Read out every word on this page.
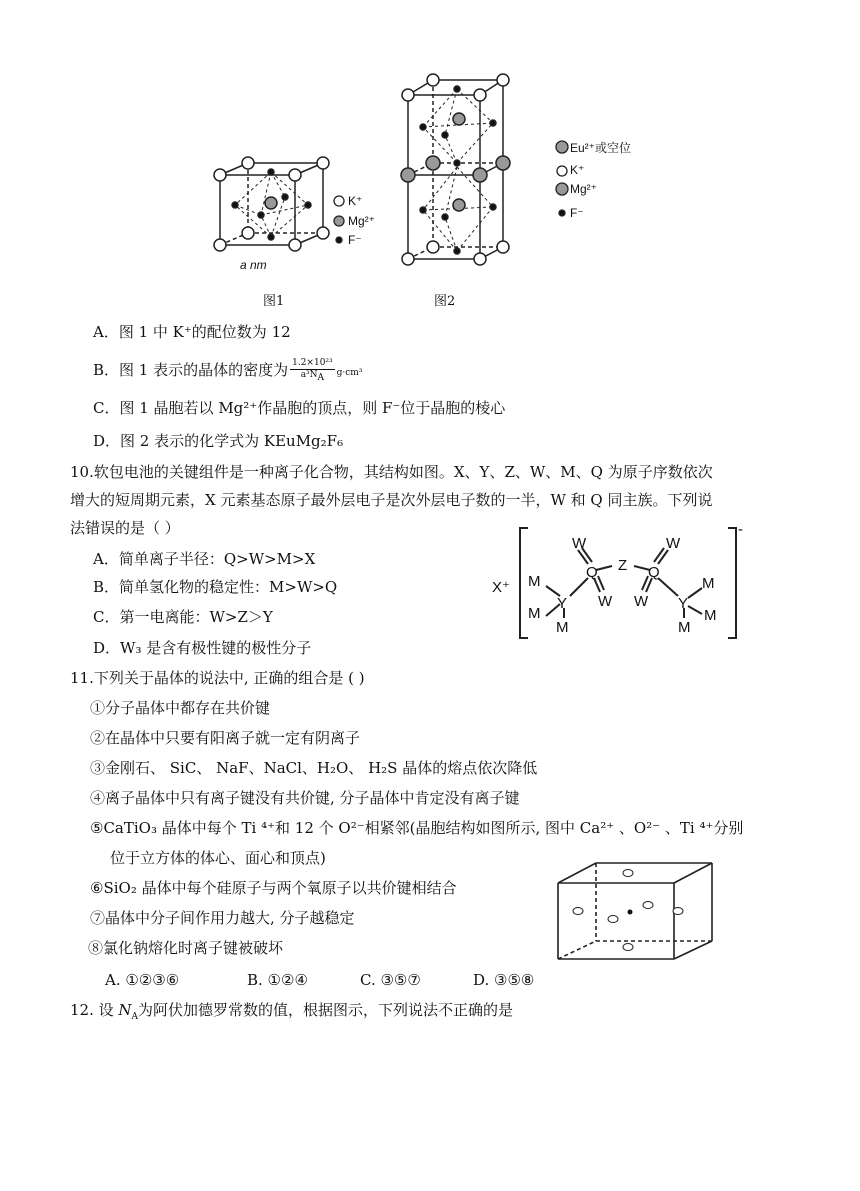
K⁺
Mg²⁺
F⁻
Eu²⁺或空位
K⁺
Mg²⁺
F⁻
a nm
图1	图2
A．图 1 中 K⁺的配位数为 12
B．图 1 表示的晶体的密度为 $\frac{\text{1.2×10²³}}{a^3N_A} g\cdot cm^3$
C．图 1 晶胞若以 Mg²⁺作晶胞的顶点，则 F⁻位于晶胞的棱心
D．图 2 表示的化学式为 KEuMg₂F₆
10.软包电池的关键组件是一种离子化合物，其结构如图。X、Y、Z、W、M、Q 为原子序数依次
增大的短周期元素，X 元素基态原子最外层电子是次外层电子数的一半，W 和 Q 同主族。下列说
法错误的是（ ）
A．简单离子半径：Q>W>M>X
B．简单氢化物的稳定性：M>W>Q
C．第一电离能：W>Z＞Y
D．W₃ 是含有极性键的极性分子
X⁺ M
M
Y
M
Q
W
W
Z Q
W
W Y
M
M
M
-
11.下列关于晶体的说法中, 正确的组合是 ( )
①分子晶体中都存在共价键
②在晶体中只要有阳离子就一定有阴离子
③金刚石、 SiC、 NaF、NaCl、H₂O、 H₂S 晶体的熔点依次降低
④离子晶体中只有离子键没有共价键, 分子晶体中肯定没有离子键
⑤CaTiO₃ 晶体中每个 Ti ⁴⁺和 12 个 O²⁻相紧邻(晶胞结构如图所示, 图中 Ca²⁺ 、O²⁻ 、Ti ⁴⁺分别
位于立方体的体心、面心和顶点)
⑥SiO₂ 晶体中每个硅原子与两个氧原子以共价键相结合
⑦晶体中分子间作用力越大, 分子越稳定
⑧氯化钠熔化时离子键被破坏
A. ①②③⑥	B. ①②④	C. ③⑤⑦	D. ③⑤⑧
12. 设 $N_A$为阿伏加德罗常数的值，根据图示，下列说法不正确的是
